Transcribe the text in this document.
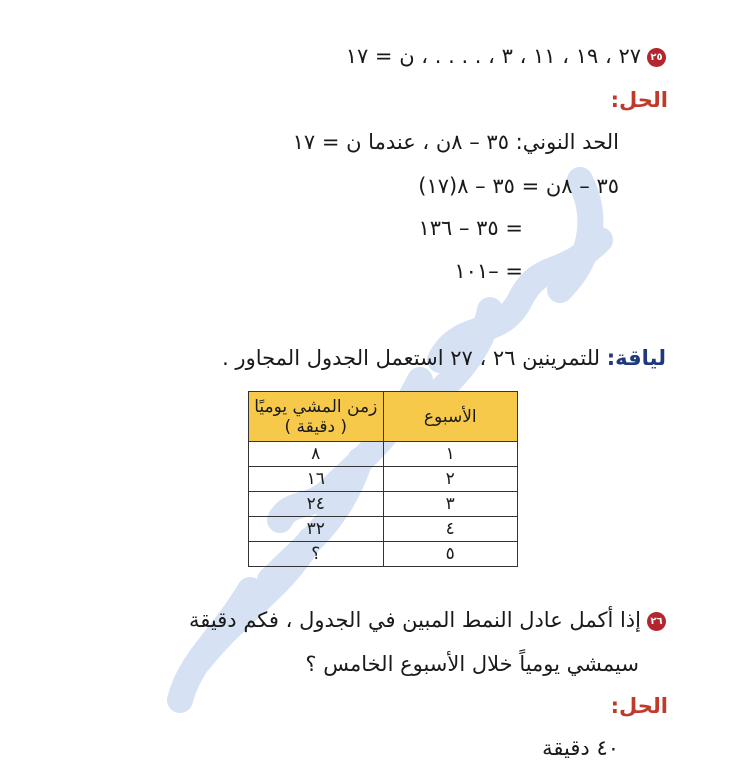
٢٥٢٧ ، ١٩ ، ١١ ، ٣ ، . . . . ، ن = ١٧
الحل:
الحد النوني: ٣٥ – ٨ن ، عندما ن = ١٧
٣٥ – ٨ن = ٣٥ – ٨(١٧)
= ٣٥ – ١٣٦
= –١٠١
لياقة: للتمرينين ٢٦ ، ٢٧ استعمل الجدول المجاور .
الأسبوع	زمن المشي يوميًا
( دقيقة )

١	٨
٢	١٦
٣	٢٤
٤	٣٢
٥	؟
٢٦إذا أكمل عادل النمط المبين في الجدول ، فكم دقيقة
سيمشي يومياً خلال الأسبوع الخامس ؟
الحل:
٤٠ دقيقة
